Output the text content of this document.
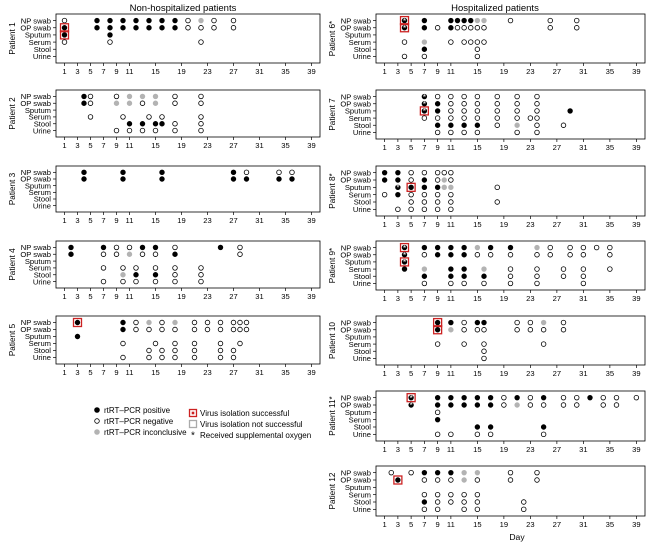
Non-hospitalized patients	Hospitalized patients
1 3 5 7 9 11 15 19 23 27 31 35 39
NP swab
OP swab
Sputum
Serum
Stool
Urine
Patient 1
1 3 5 7 9 11 15 19 23 27 31 35 39
NP swab
OP swab
Sputum
Serum
Stool
Urine
Patient 2
1 3 5 7 9 11 15 19 23 27 31 35 39
NP swab
OP swab
Sputum
Serum
Stool
Urine
Patient 3
1 3 5 7 9 11 15 19 23 27 31 35 39
NP swab
OP swab
Sputum
Serum
Stool
Urine
Patient 4
1 3 5 7 9 11 15 19 23 27 31 35 39
NP swab
OP swab
Sputum
Serum
Stool
Urine
Patient 5
1 3 5 7 9 11 15 19 23 27 31 35 39
NP swab
OP swab
Sputum
Serum
Stool
Urine
Patient 6*	*
*
1 3 5 7 9 11 15 19 23 27 31 35 39
NP swab
OP swab
Sputum
Serum
Stool
Urine
Patient 7
*
*
*
1 3 5 7 9 11 15 19 23 27 31 35 39
NP swab
OP swab
Sputum
Serum
Stool
Urine
Patient 8*	*
1 3 5 7 9 11 15 19 23 27 31 35 39
NP swab
OP swab
Sputum
Serum
Stool
Urine
Patient 9*	*
*
*
1 3 5 7 9 11 15 19 23 27 31 35 39
NP swab
OP swab
Sputum
Serum
Stool
Urine
Patient 10
1 3 5 7 9 11 15 19 23 27 31 35 39
NP swab
OP swab
Sputum
Serum
Stool
Urine
Patient 11*	*
*
1 3 5 7 9 11 15 19 23 27 31 35 39
NP swab
OP swab
Sputum
Serum
Stool
Urine
Patient 12
rtRT–PCR positive
rtRT–PCR negative
rtRT–PCR inconclusive
Virus isolation successful
Virus isolation not successful
* Received supplemental oxygen
Day
